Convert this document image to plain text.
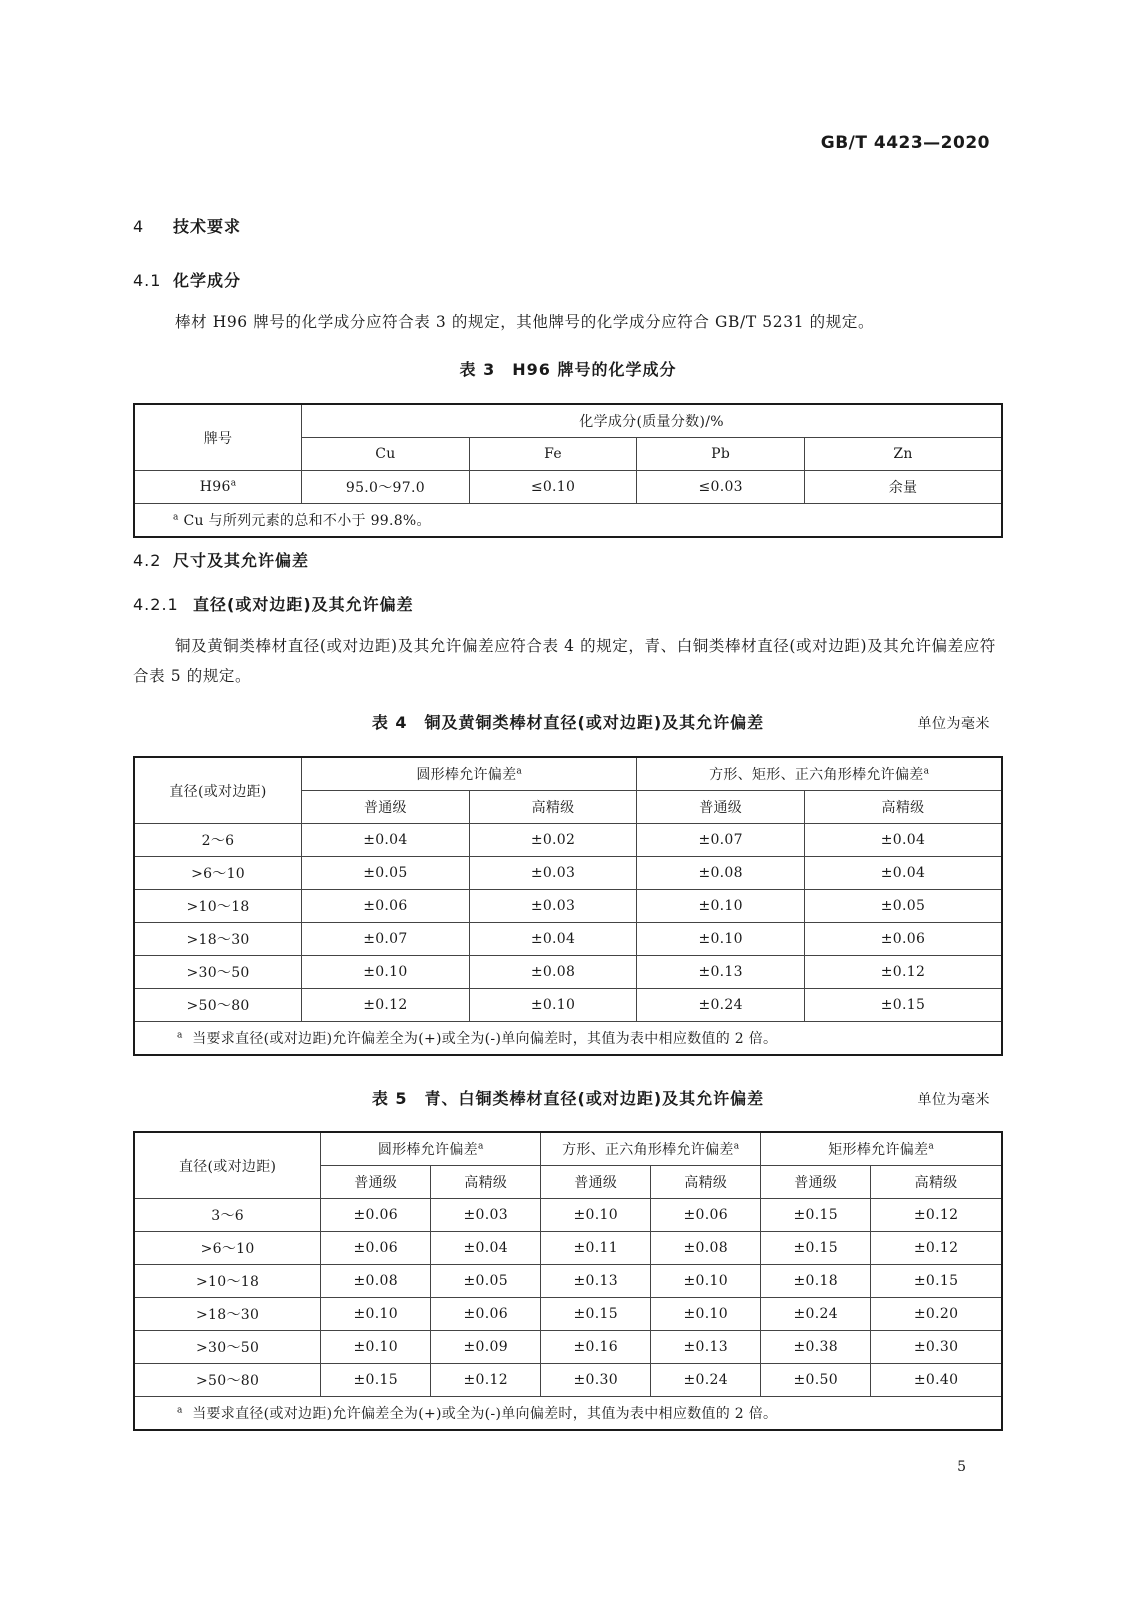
GB/T 4423—2020
4 技术要求
4.1 化学成分
棒材 H96 牌号的化学成分应符合表 3 的规定，其他牌号的化学成分应符合 GB/T 5231 的规定。
表 3　H96 牌号的化学成分
牌号	化学成分(质量分数)/%			
	Cu	Fe	Pb	Zn
H96$^a$	95.0～97.0	≤0.10	≤0.03	余量
$^a$ Cu 与所列元素的总和不小于 99.8%。				
4.2 尺寸及其允许偏差
4.2.1 直径(或对边距)及其允许偏差
铜及黄铜类棒材直径(或对边距)及其允许偏差应符合表 4 的规定，青、白铜类棒材直径(或对边距)及其允许偏差应符合表 5 的规定。
表 4　铜及黄铜类棒材直径(或对边距)及其允许偏差	单位为毫米
直径(或对边距)	圆形棒允许偏差$^a$		方形、矩形、正六角形棒允许偏差$^a$
	普通级	高精级	普通级	高精级
2～6	±0.04	±0.02	±0.07	±0.04
>6～10	±0.05	±0.03	±0.08	±0.04
>10～18	±0.06	±0.03	±0.10	±0.05
>18～30	±0.07	±0.04	±0.10	±0.06
>30～50	±0.10	±0.08	±0.13	±0.12
>50～80	±0.12	±0.10	±0.24	±0.15
$^a$ 当要求直径(或对边距)允许偏差全为(+)或全为(-)单向偏差时，其值为表中相应数值的 2 倍。				
表 5　青、白铜类棒材直径(或对边距)及其允许偏差	单位为毫米
直径(或对边距)	圆形棒允许偏差$^a$		方形、正六角形棒允许偏差$^a$		矩形棒允许偏差$^a$
	普通级	高精级	普通级	高精级	普通级	高精级
3～6	±0.06	±0.03	±0.10	±0.06	±0.15	±0.12
>6～10	±0.06	±0.04	±0.11	±0.08	±0.15	±0.12
>10～18	±0.08	±0.05	±0.13	±0.10	±0.18	±0.15
>18～30	±0.10	±0.06	±0.15	±0.10	±0.24	±0.20
>30～50	±0.10	±0.09	±0.16	±0.13	±0.38	±0.30
>50～80	±0.15	±0.12	±0.30	±0.24	±0.50	±0.40
$^a$ 当要求直径(或对边距)允许偏差全为(+)或全为(-)单向偏差时，其值为表中相应数值的 2 倍。						
5
